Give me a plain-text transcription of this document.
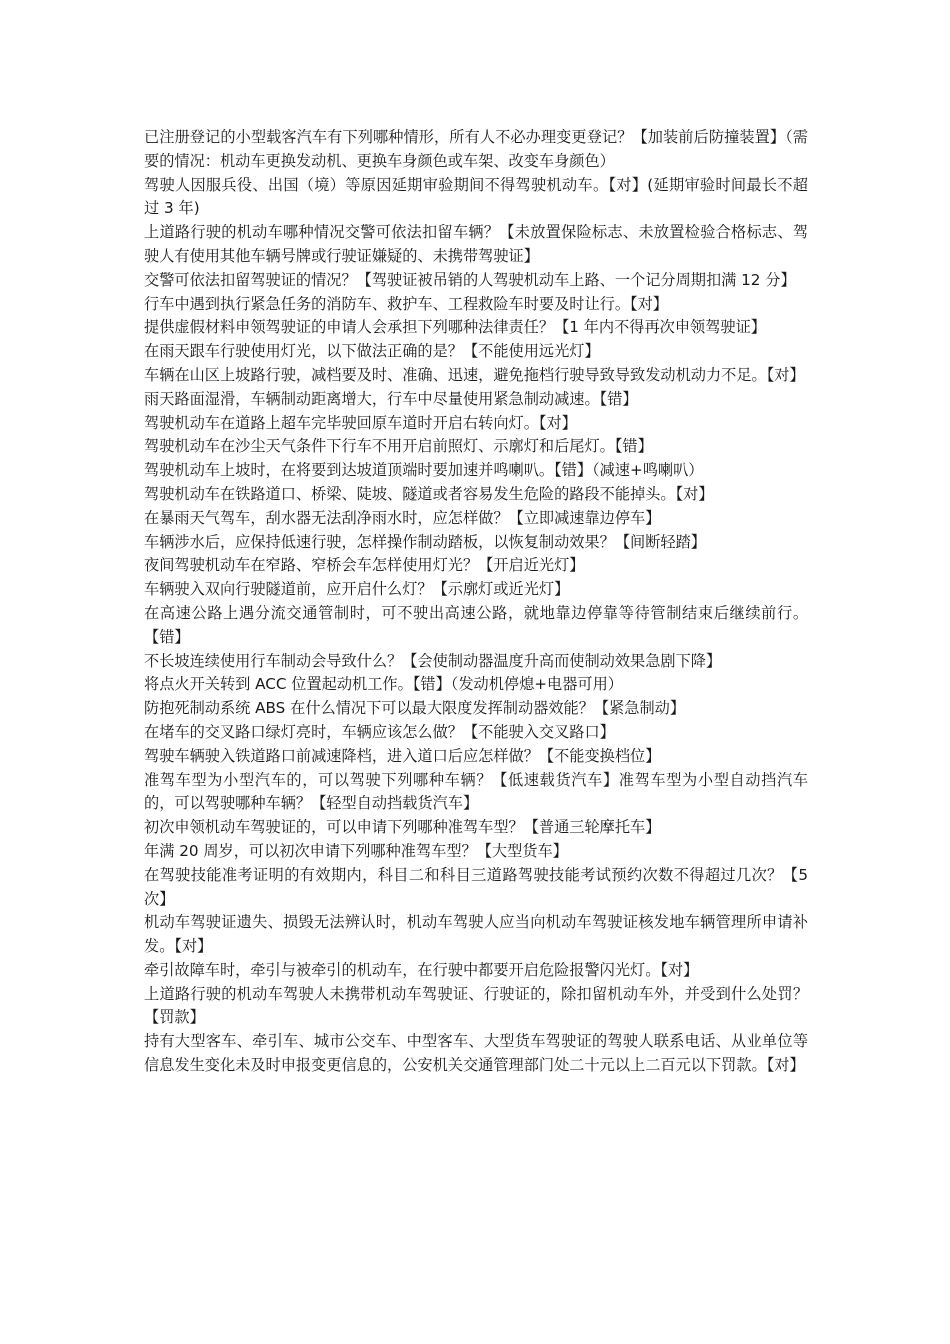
已注册登记的小型载客汽车有下列哪种情形，所有人不必办理变更登记？【加装前后防撞装置】（需要的情况：机动车更换发动机、更换车身颜色或车架、改变车身颜色）

驾驶人因服兵役、出国（境）等原因延期审验期间不得驾驶机动车。【对】(延期审验时间最长不超过 3 年)

上道路行驶的机动车哪种情况交警可依法扣留车辆？【未放置保险标志、未放置检验合格标志、驾驶人有使用其他车辆号牌或行驶证嫌疑的、未携带驾驶证】

交警可依法扣留驾驶证的情况？【驾驶证被吊销的人驾驶机动车上路、一个记分周期扣满 12 分】

行车中遇到执行紧急任务的消防车、救护车、工程救险车时要及时让行。【对】

提供虚假材料申领驾驶证的申请人会承担下列哪种法律责任？【1 年内不得再次申领驾驶证】

在雨天跟车行驶使用灯光，以下做法正确的是？【不能使用远光灯】

车辆在山区上坡路行驶，减档要及时、准确、迅速，避免拖档行驶导致导致发动机动力不足。【对】

雨天路面湿滑，车辆制动距离增大，行车中尽量使用紧急制动减速。【错】

驾驶机动车在道路上超车完毕驶回原车道时开启右转向灯。【对】

驾驶机动车在沙尘天气条件下行车不用开启前照灯、示廓灯和后尾灯。【错】

驾驶机动车上坡时，在将要到达坡道顶端时要加速并鸣喇叭。【错】（减速+鸣喇叭）

驾驶机动车在铁路道口、桥梁、陡坡、隧道或者容易发生危险的路段不能掉头。【对】

在暴雨天气驾车，刮水器无法刮净雨水时，应怎样做？【立即减速靠边停车】

车辆涉水后，应保持低速行驶，怎样操作制动踏板，以恢复制动效果？【间断轻踏】

夜间驾驶机动车在窄路、窄桥会车怎样使用灯光？【开启近光灯】

车辆驶入双向行驶隧道前，应开启什么灯？【示廓灯或近光灯】

在高速公路上遇分流交通管制时，可不驶出高速公路，就地靠边停靠等待管制结束后继续前行。【错】

不长坡连续使用行车制动会导致什么？【会使制动器温度升高而使制动效果急剧下降】

将点火开关转到 ACC 位置起动机工作。【错】（发动机停熄+电器可用）

防抱死制动系统 ABS 在什么情况下可以最大限度发挥制动器效能？【紧急制动】

在堵车的交叉路口绿灯亮时，车辆应该怎么做？【不能驶入交叉路口】

驾驶车辆驶入铁道路口前减速降档，进入道口后应怎样做？【不能变换档位】

准驾车型为小型汽车的，可以驾驶下列哪种车辆？【低速载货汽车】准驾车型为小型自动挡汽车的，可以驾驶哪种车辆？【轻型自动挡载货汽车】

初次申领机动车驾驶证的，可以申请下列哪种准驾车型？【普通三轮摩托车】

年满 20 周岁，可以初次申请下列哪种准驾车型？【大型货车】

在驾驶技能准考证明的有效期内，科目二和科目三道路驾驶技能考试预约次数不得超过几次？【5 次】

机动车驾驶证遗失、损毁无法辨认时，机动车驾驶人应当向机动车驾驶证核发地车辆管理所申请补发。【对】

牵引故障车时，牵引与被牵引的机动车，在行驶中都要开启危险报警闪光灯。【对】

上道路行驶的机动车驾驶人未携带机动车驾驶证、行驶证的，除扣留机动车外，并受到什么处罚？【罚款】

持有大型客车、牵引车、城市公交车、中型客车、大型货车驾驶证的驾驶人联系电话、从业单位等信息发生变化未及时申报变更信息的，公安机关交通管理部门处二十元以上二百元以下罚款。【对】
